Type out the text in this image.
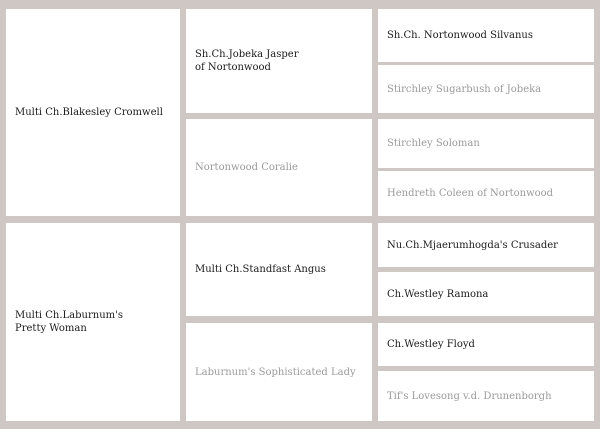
Multi Ch.Blakesley Cromwell
Multi Ch.Laburnum's
Pretty Woman
Sh.Ch.Jobeka Jasper
of Nortonwood
Nortonwood Coralie
Multi Ch.Standfast Angus
Laburnum's Sophisticated Lady
Sh.Ch. Nortonwood Silvanus
Stirchley Sugarbush of Jobeka
Stirchley Soloman
Hendreth Coleen of Nortonwood
Nu.Ch.Mjaerumhogda's Crusader
Ch.Westley Ramona
Ch.Westley Floyd
Tif's Lovesong v.d. Drunenborgh
